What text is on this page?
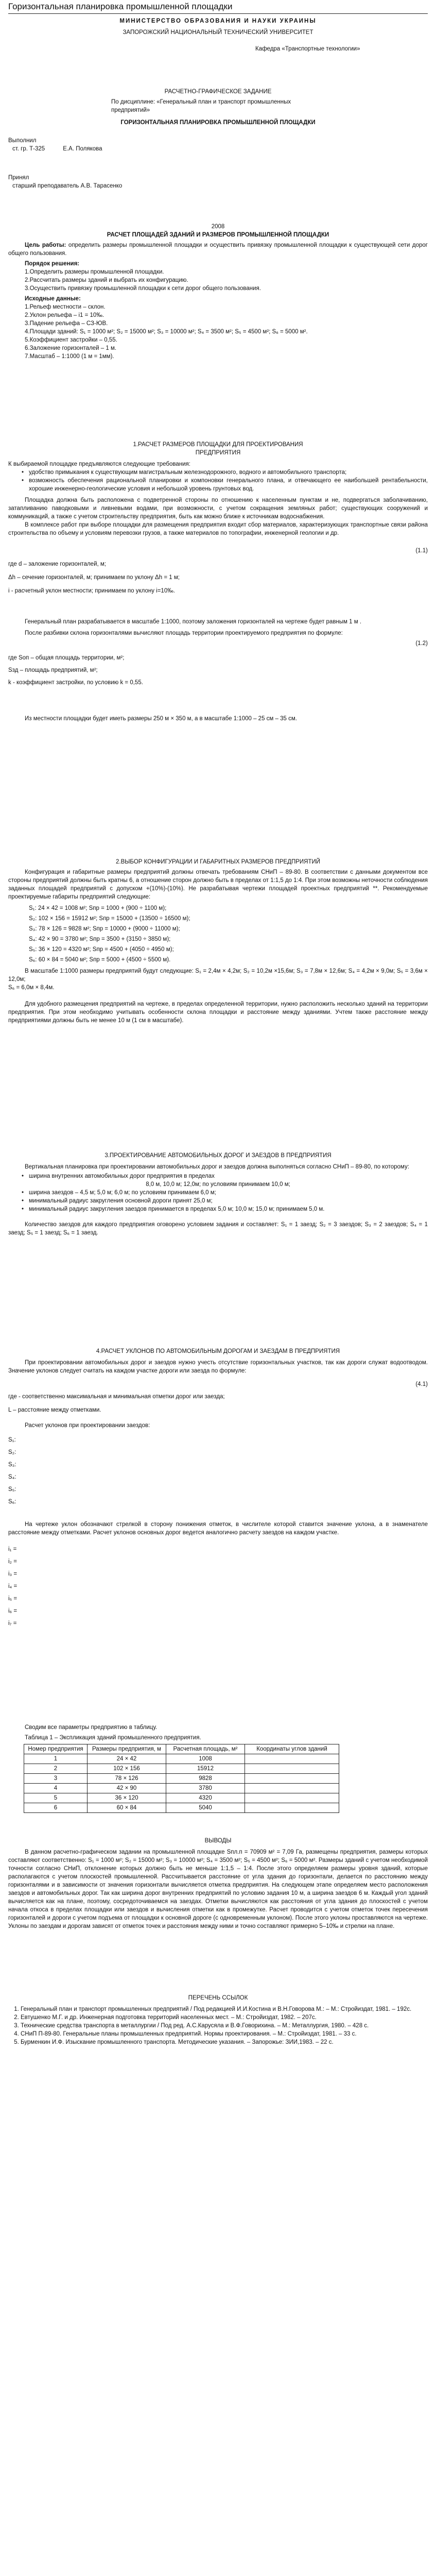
Горизонтальная планировка промышленной площадки

МИНИСТЕРСТВО ОБРАЗОВАНИЯ И НАУКИ УКРАИНЫ

ЗАПОРОЖСКИЙ НАЦИОНАЛЬНЫЙ ТЕХНИЧЕСКИЙ УНИВЕРСИТЕТ

Кафедра «Транспортные технологии»

РАСЧЕТНО-ГРАФИЧЕСКОЕ ЗАДАНИЕ

По дисциплине: «Генеральный план и транспорт промышленных

предприятий»

ГОРИЗОНТАЛЬНАЯ ПЛАНИРОВКА ПРОМЫШЛЕННОЙ ПЛОЩАДКИ

Выполнил

ст. гр. Т-325           Е.А. Полякова

Принял

старший преподаватель А.В. Тарасенко

2008

РАСЧЕТ ПЛОЩАДЕЙ ЗДАНИЙ И РАЗМЕРОВ ПРОМЫШЛЕННОЙ ПЛОЩАДКИ

Цель работы: определить размеры промышленной площадки и осуществить привязку промышленной площадки к существующей сети дорог общего пользования.

Порядок решения:

1.Определить размеры промышленной площадки.

2.Рассчитать размеры зданий и выбрать их конфигурацию.

3.Осуществить привязку промышленной площадки к сети дорог общего пользования.

Исходные данные:

1.Рельеф местности – склон.

2.Уклон рельефа – i1 = 10‰.

3.Падение рельефа – СЗ-ЮВ.

4.Площади зданий: S₁ = 1000 м²; S₂ = 15000 м²; S₃ = 10000 м²; S₄ = 3500 м²; S₅ = 4500 м²; S₆ = 5000 м².

5.Коэффициент застройки – 0,55.

6.Заложение горизонталей – 1 м.

7.Масштаб – 1:1000 (1 м = 1мм).

1.РАСЧЕТ РАЗМЕРОВ ПЛОЩАДКИ ДЛЯ ПРОЕКТИРОВАНИЯ

ПРЕДПРИЯТИЯ

К выбираемой площадке предъявляются следующие требования:

• удобство примыкания к существующим магистральным железнодорожного, водного и автомобильного транспорта;
• возможность обеспечения рациональной планировки и компоновки генерального плана, и отвечающего ее наибольшей рентабельности, хорошие инженерно-геологические условия и небольшой уровень грунтовых вод.

Площадка должна быть расположена с подветренной стороны по отношению к населенным пунктам и не, подвергаться заболачиванию, затапливанию паводковыми и ливневыми водами, при возможности, с учетом сокращения земляных работ; существующих сооружений и коммуникаций, а также с учетом строительству предприятия, быть как можно ближе к источникам водоснабжения.

В комплексе работ при выборе площадки для размещения предприятия входит сбор материалов, характеризующих транспортные связи района строительства по объему и условиям перевозки грузов, а также материалов по топографии, инженерной геологии и др.

(1.1)

где d – заложение горизонталей, м;

Δh – сечение горизонталей, м; принимаем по уклону Δh = 1 м;

i - расчетный уклон местности; принимаем по уклону i=10‰.

Генеральный план разрабатывается в масштабе 1:1000, поэтому заложения горизонталей на чертеже будет равным 1 м .

После разбивки склона горизонталями вычисляют площадь территории проектируемого предприятия по формуле:

(1.2)

где Sоп – общая площадь территории, м²;

Sзд – площадь предприятий, м²;

k - коэффициент застройки, по условию k = 0,55.

Из местности площадки будет иметь размеры 250 м × 350 м, а в масштабе 1:1000 – 25 см – 35 см.

2.ВЫБОР КОНФИГУРАЦИИ И ГАБАРИТНЫХ РАЗМЕРОВ ПРЕДПРИЯТИЙ

Конфигурация и габаритные размеры предприятий должны отвечать требованиям СНиП – 89-80. В соответствии с данными документом все стороны предприятий должны быть кратны 6, а отношение сторон должно быть в пределах от 1:1,5 до 1:4. При этом возможны неточности соблюдения заданных площадей предприятий с допуском +(10%)-(10%). Не разрабатывая чертежи площадей проектных предприятий **. Рекомендуемые проектируемые габариты предприятий следующие:

S₁: 24 × 42 = 1008 м²; Sпр = 1000 + (900 ÷ 1100 м);

S₂: 102 × 156 = 15912 м²; Sпр = 15000 + (13500 ÷ 16500 м);

S₃: 78 × 126 = 9828 м²; Sпр = 10000 + (9000 ÷ 11000 м);

S₄: 42 × 90 = 3780 м²; Sпр = 3500 + (3150 ÷ 3850 м);

S₅: 36 × 120 = 4320 м²; Sпр = 4500 + (4050 ÷ 4950 м);

S₆: 60 × 84 = 5040 м²; Sпр = 5000 + (4500 ÷ 5500 м).

В масштабе 1:1000 размеры предприятий будут следующие: S₁ = 2,4м × 4,2м; S₂ = 10,2м ×15,6м; S₃ = 7,8м × 12,6м; S₄ = 4,2м × 9,0м; S₅ = 3,6м × 12,0м;

S₆ = 6,0м × 8,4м.

Для удобного размещения предприятий на чертеже, в пределах определенной территории, нужно расположить несколько зданий на территории предприятия. При этом необходимо учитывать особенности склона площадки и расстояние между зданиями. Учтем также расстояние между предприятиями должны быть не менее 10 м (1 см в масштабе).

3.ПРОЕКТИРОВАНИЕ АВТОМОБИЛЬНЫХ ДОРОГ И ЗАЕЗДОВ В ПРЕДПРИЯТИЯ

Вертикальная планировка при проектировании автомобильных дорог и заездов должна выполняться согласно СНиП – 89-80, по которому:

• ширина внутренних автомобильных дорог предприятия в пределах

8,0 м, 10,0 м; 12,0м; по условиям принимаем 10,0 м;

• ширина заездов – 4,5 м; 5,0 м; 6,0 м; по условиям принимаем 6,0 м;
• минимальный радиус закругления основной дороги принят 25,0 м;
• минимальный радиус закругления заездов принимается в пределах 5,0 м; 10,0 м; 15,0 м; принимаем 5,0 м.

Количество заездов для каждого предприятия оговорено условием задания и составляет: S₁ = 1 заезд; S₂ = 3 заездов; S₃ = 2 заездов; S₄ = 1 заезд; S₅ = 1 заезд; S₆ = 1 заезд.

4.РАСЧЕТ УКЛОНОВ ПО АВТОМОБИЛЬНЫМ ДОРОГАМ И ЗАЕЗДАМ В ПРЕДПРИЯТИЯ

При проектировании автомобильных дорог и заездов нужно учесть отсутствие горизонтальных участков, так как дороги служат водоотводом. Значение уклонов следует считать на каждом участке дороги или заезда по формуле:

(4.1)

где - соответственно максимальная и минимальная отметки дорог или заезда;

L – расстояние между отметками.

Расчет уклонов при проектировании заездов:

S₁:

S₂:

S₃:

S₄:

S₅:

S₆:

На чертеже уклон обозначают стрелкой в сторону понижения отметок, в числителе которой ставится значение уклона, а в знаменателе расстояние между отметками. Расчет уклонов основных дорог ведется аналогично расчету заездов на каждом участке.

i₁ =

i₂ =

i₃ =

i₄ =

i₅ =

i₆ =

i₇ =

Сводим все параметры предприятию в таблицу.

Таблица 1 – Экспликация зданий промышленного предприятия.

Номер предприятия	Размеры предприятия, м	Расчетная площадь, м²	Координаты углов зданий
1	24 × 42	1008	
2	102 × 156	15912	
3	78 × 126	9828	
4	42 × 90	3780	
5	36 × 120	4320	
6	60 × 84	5040	

ВЫВОДЫ

В данном расчетно-графическом задании на промышленной площадке Sпл.п = 70909 м² = 7,09 Га, размещены предприятия, размеры которых составляют соответственно: S₁ = 1000 м²; S₂ = 15000 м²; S₃ = 10000 м²; S₄ = 3500 м²; S₅ = 4500 м²; S₆ = 5000 м². Размеры зданий с учетом необходимой точности согласно СНиП, отклонение которых должно быть не меньше 1:1,5 – 1:4. После этого определяем размеры уровня зданий, которые располагаются с учетом плоскостей промышленной. Рассчитывается расстояние от угла здания до горизонтали, делается по расстоянию между горизонталями и в зависимости от значения горизонтали вычисляется отметка предприятия. На следующем этапе определяем место расположения заездов и автомобильных дорог. Так как ширина дорог внутренних предприятий по условию задания 10 м, а ширина заездов 6 м. Каждый угол зданий вычисляется как на плане, поэтому, сосредоточиваемся на заездах. Отметки вычисляются как расстояния от угла здания до плоскостей с учетом начала откоса в пределах площадки или заездов и вычисления отметки как в промежутке. Расчет проводится с учетом отметок точек пересечения горизонталей и дороги с учетом подъема от площадки к основной дороге (с одновременным уклоном). После этого уклоны проставляются на чертеже. Уклоны по заездам и дорогам зависят от отметок точек и расстояния между ними и точно составляют примерно 5–10‰ и стрелки на плане.

ПЕРЕЧЕНЬ ССЫЛОК

1. Генеральный план и транспорт промышленных предприятий / Под редакцией И.И.Костина и В.Н.Говорова М.: – М.: Стройиздат, 1981. – 192с.
2. Евтушенко М.Г. и др. Инженерная подготовка территорий населенных мест. – М.: Стройиздат, 1982. – 207с.
3. Технические средства транспорта в металлургии / Под ред. А.С.Карусяла и В.Ф.Говорихина. – М.: Металлургия, 1980. – 428 с.
4. СНиП П-89-80. Генеральные планы промышленных предприятий. Нормы проектирования. – М.: Стройиздат, 1981. – 33 с.
5. Бурменкин И.Ф. Изыскание промышленного транспорта. Методические указания. – Запорожье: ЗИИ,1983. – 22 с.
